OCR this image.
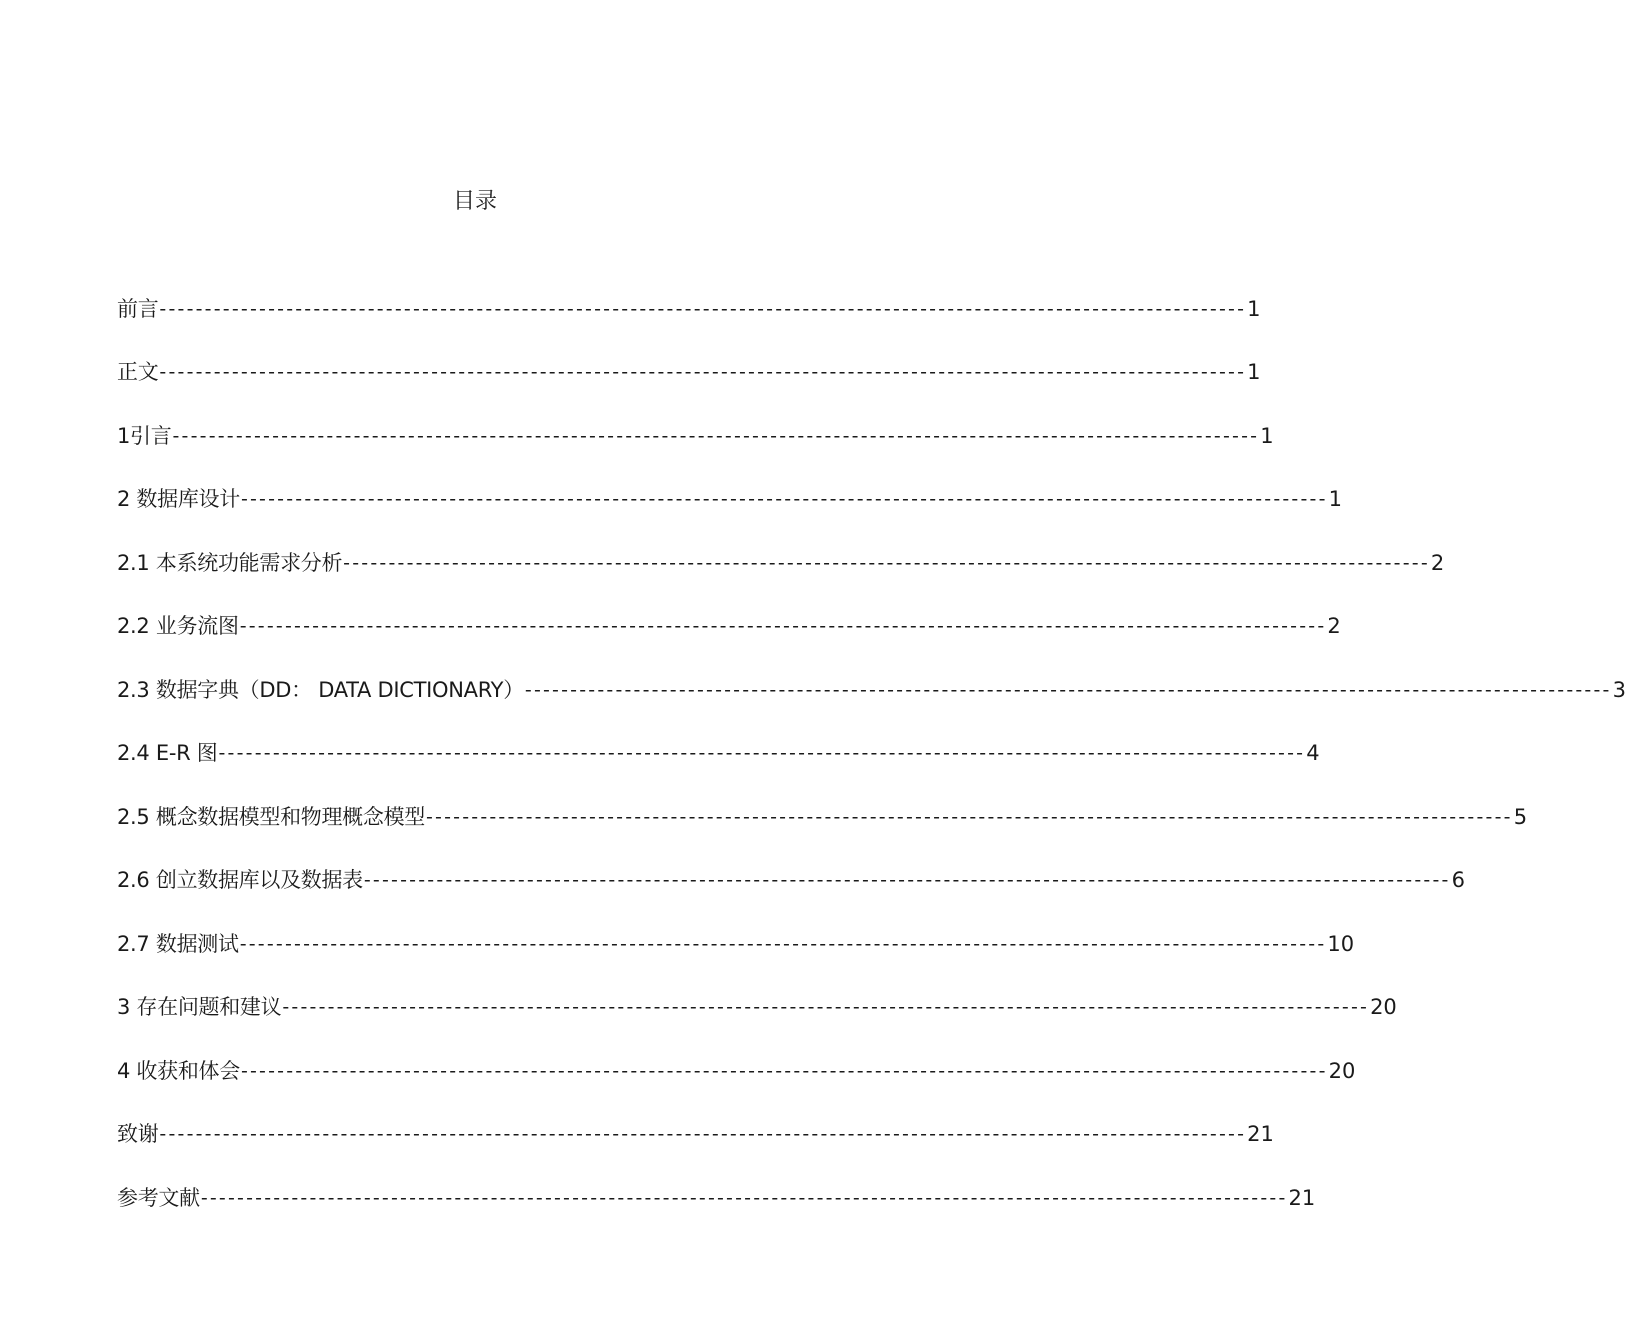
目录
前言 ------------------------------------------------------------------------------------------------------------------------ 1
正文 ------------------------------------------------------------------------------------------------------------------------ 1
1引言 ------------------------------------------------------------------------------------------------------------------------ 1
2 数据库设计 ------------------------------------------------------------------------------------------------------------------------ 1
2.1 本系统功能需求分析 ------------------------------------------------------------------------------------------------------------------------ 2
2.2 业务流图 ------------------------------------------------------------------------------------------------------------------------ 2
2.3 数据字典（DD： DATA DICTIONARY） ------------------------------------------------------------------------------------------------------------------------ 3
2.4 E-R 图 ------------------------------------------------------------------------------------------------------------------------ 4
2.5 概念数据模型和物理概念模型 ------------------------------------------------------------------------------------------------------------------------ 5
2.6 创立数据库以及数据表 ------------------------------------------------------------------------------------------------------------------------ 6
2.7 数据测试 ------------------------------------------------------------------------------------------------------------------------ 10
3 存在问题和建议 ------------------------------------------------------------------------------------------------------------------------ 20
4 收获和体会 ------------------------------------------------------------------------------------------------------------------------ 20
致谢 ------------------------------------------------------------------------------------------------------------------------ 21
参考文献 ------------------------------------------------------------------------------------------------------------------------ 21
